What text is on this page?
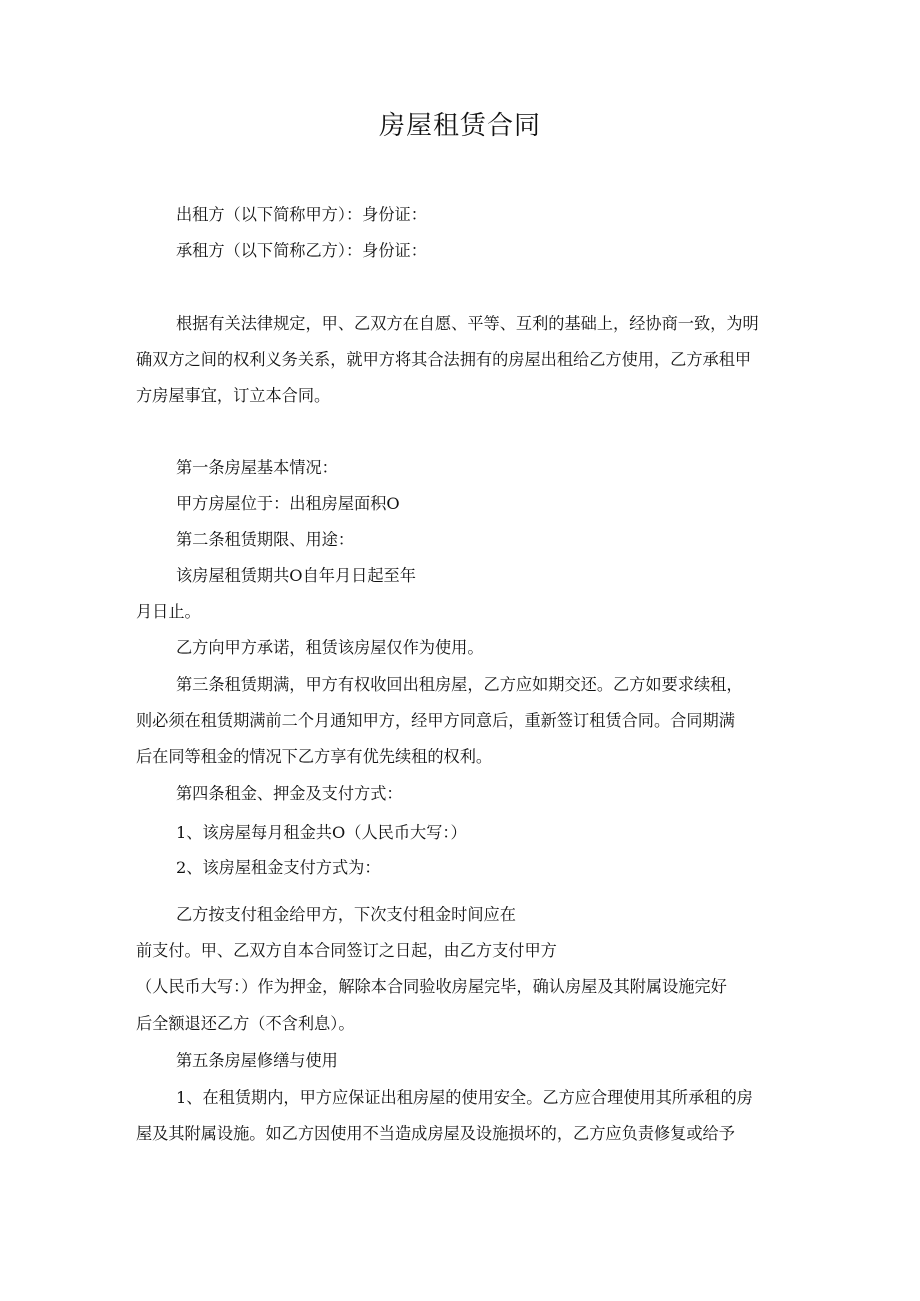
房屋租赁合同
出租方（以下简称甲方）：身份证：
承租方（以下简称乙方）：身份证：
根据有关法律规定，甲、乙双方在自愿、平等、互利的基础上，经协商一致，为明
确双方之间的权利义务关系，就甲方将其合法拥有的房屋出租给乙方使用，乙方承租甲
方房屋事宜，订立本合同。
第一条房屋基本情况：
甲方房屋位于：出租房屋面积O
第二条租赁期限、用途：
该房屋租赁期共O自年月日起至年
月日止。
乙方向甲方承诺，租赁该房屋仅作为使用。
第三条租赁期满，甲方有权收回出租房屋，乙方应如期交还。乙方如要求续租，
则必须在租赁期满前二个月通知甲方，经甲方同意后，重新签订租赁合同。合同期满
后在同等租金的情况下乙方享有优先续租的权利。
第四条租金、押金及支付方式：
1、该房屋每月租金共O（人民币大写：）
2、该房屋租金支付方式为：
乙方按支付租金给甲方，下次支付租金时间应在
前支付。甲、乙双方自本合同签订之日起，由乙方支付甲方
（人民币大写：）作为押金，解除本合同验收房屋完毕，确认房屋及其附属设施完好
后全额退还乙方（不含利息）。
第五条房屋修缮与使用
1、在租赁期内，甲方应保证出租房屋的使用安全。乙方应合理使用其所承租的房
屋及其附属设施。如乙方因使用不当造成房屋及设施损坏的，乙方应负责修复或给予
